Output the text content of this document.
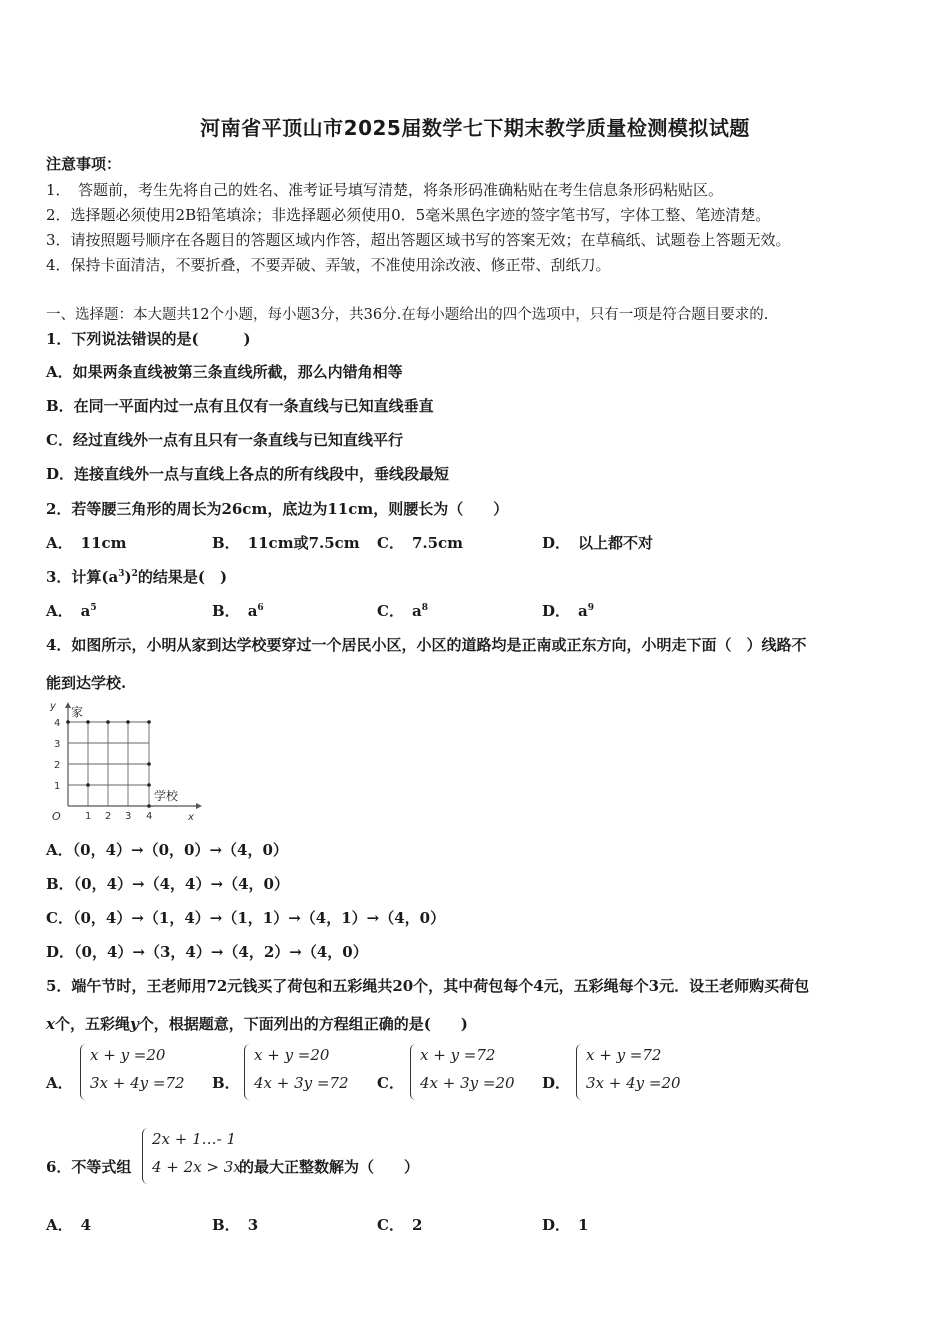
河南省平顶山市2025届数学七下期末教学质量检测模拟试题
注意事项：
1．　答题前，考生先将自己的姓名、准考证号填写清楚，将条形码准确粘贴在考生信息条形码粘贴区。
2．选择题必须使用2B铅笔填涂；非选择题必须使用0．5毫米黑色字迹的签字笔书写，字体工整、笔迹清楚。
3．请按照题号顺序在各题目的答题区域内作答，超出答题区域书写的答案无效；在草稿纸、试题卷上答题无效。
4．保持卡面清洁，不要折叠，不要弄破、弄皱，不准使用涂改液、修正带、刮纸刀。
一、选择题：本大题共12个小题，每小题3分，共36分.在每小题给出的四个选项中，只有一项是符合题目要求的.
1．下列说法错误的是(　　　)
A．如果两条直线被第三条直线所截，那么内错角相等
B．在同一平面内过一点有且仅有一条直线与已知直线垂直
C．经过直线外一点有且只有一条直线与已知直线平行
D．连接直线外一点与直线上各点的所有线段中，垂线段最短
2．若等腰三角形的周长为26cm，底边为11cm，则腰长为（　　）
A． 11cm	B． 11cm或7.5cm C． 7.5cm	D． 以上都不对
3．计算$(a^3)^2$的结果是(　)
A． $a^5$	B． $a^6$	C． $a^8$	D． $a^9$
4．如图所示，小明从家到达学校要穿过一个居民小区，小区的道路均是正南或正东方向，小明走下面（　）线路不
能到达学校.
y 家
4
3
2
1
学校
O 1 2 3 4	x
A．（0，4）→（0，0）→（4，0）
B．（0，4）→（4，4）→（4，0）
C．（0，4）→（1，4）→（1，1）→（4，1）→（4，0）
D．（0，4）→（3，4）→（4，2）→（4，0）
5．端午节时，王老师用72元钱买了荷包和五彩绳共20个，其中荷包每个4元，五彩绳每个3元．设王老师购买荷包
x个，五彩绳y个，根据题意，下面列出的方程组正确的是(　　)
A．
x + y =20
3x + 4y =72 B．
x + y =20
4x + 3y =72 C．
x + y =72
4x + 3y =20 D．
x + y =72
3x + 4y =20
6．不等式组
2x + 1…- 1
4 + 2x > 3x
的最大正整数解为（　　）
A． 4	B． 3	C． 2	D． 1
